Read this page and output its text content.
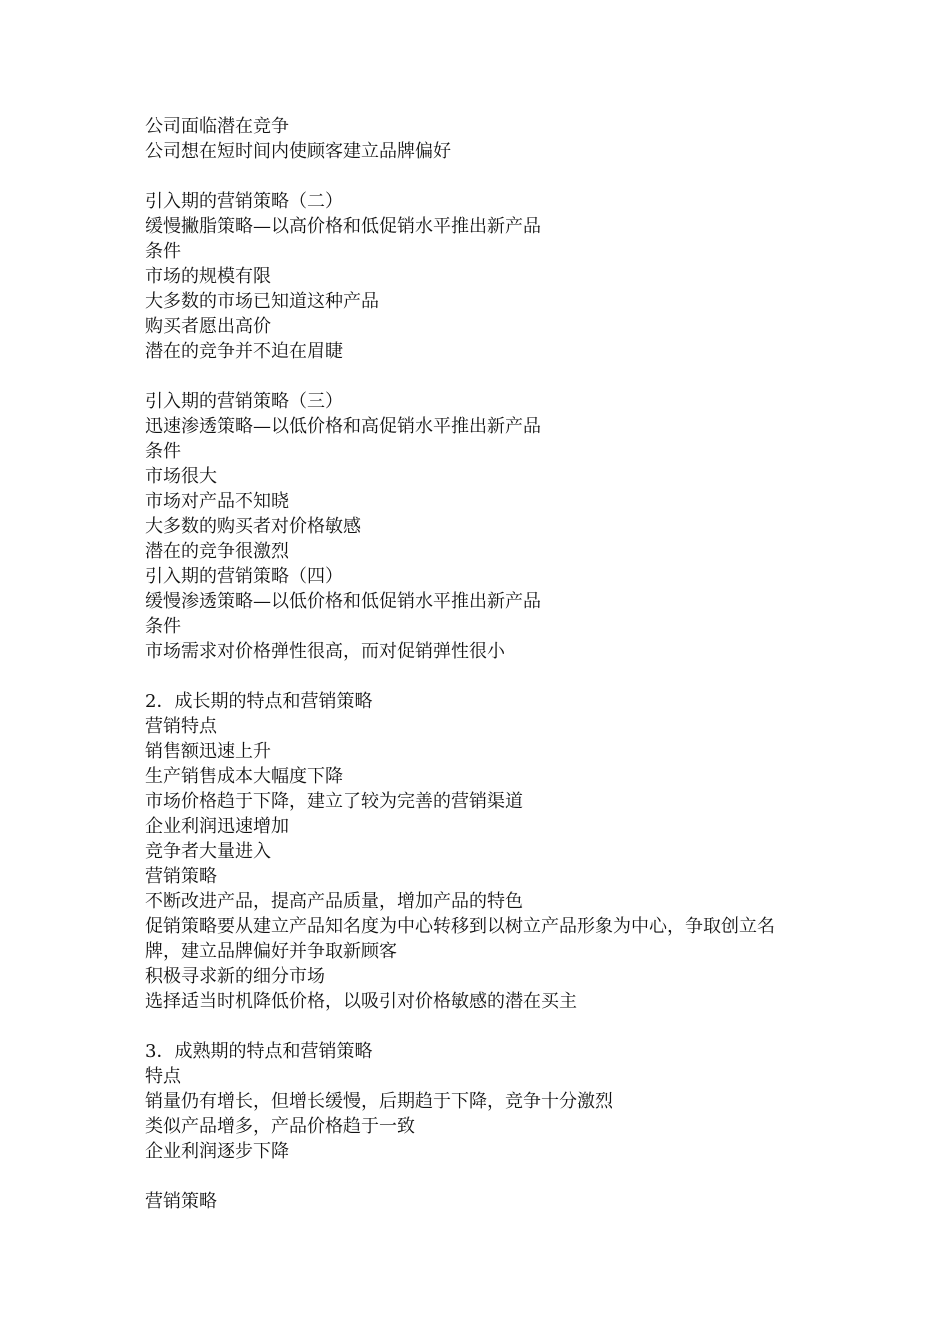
公司面临潜在竞争

公司想在短时间内使顾客建立品牌偏好

引入期的营销策略（二）

缓慢撇脂策略—以高价格和低促销水平推出新产品

条件

市场的规模有限

大多数的市场已知道这种产品

购买者愿出高价

潜在的竞争并不迫在眉睫

引入期的营销策略（三）

迅速渗透策略—以低价格和高促销水平推出新产品

条件

市场很大

市场对产品不知晓

大多数的购买者对价格敏感

潜在的竞争很激烈

引入期的营销策略（四）

缓慢渗透策略—以低价格和低促销水平推出新产品

条件

市场需求对价格弹性很高，而对促销弹性很小

2．成长期的特点和营销策略

营销特点

销售额迅速上升

生产销售成本大幅度下降

市场价格趋于下降，建立了较为完善的营销渠道

企业利润迅速增加

竞争者大量进入

营销策略

不断改进产品，提高产品质量，增加产品的特色

促销策略要从建立产品知名度为中心转移到以树立产品形象为中心，争取创立名

牌，建立品牌偏好并争取新顾客

积极寻求新的细分市场

选择适当时机降低价格，以吸引对价格敏感的潜在买主

3．成熟期的特点和营销策略

特点

销量仍有增长，但增长缓慢，后期趋于下降，竞争十分激烈

类似产品增多，产品价格趋于一致

企业利润逐步下降

营销策略
